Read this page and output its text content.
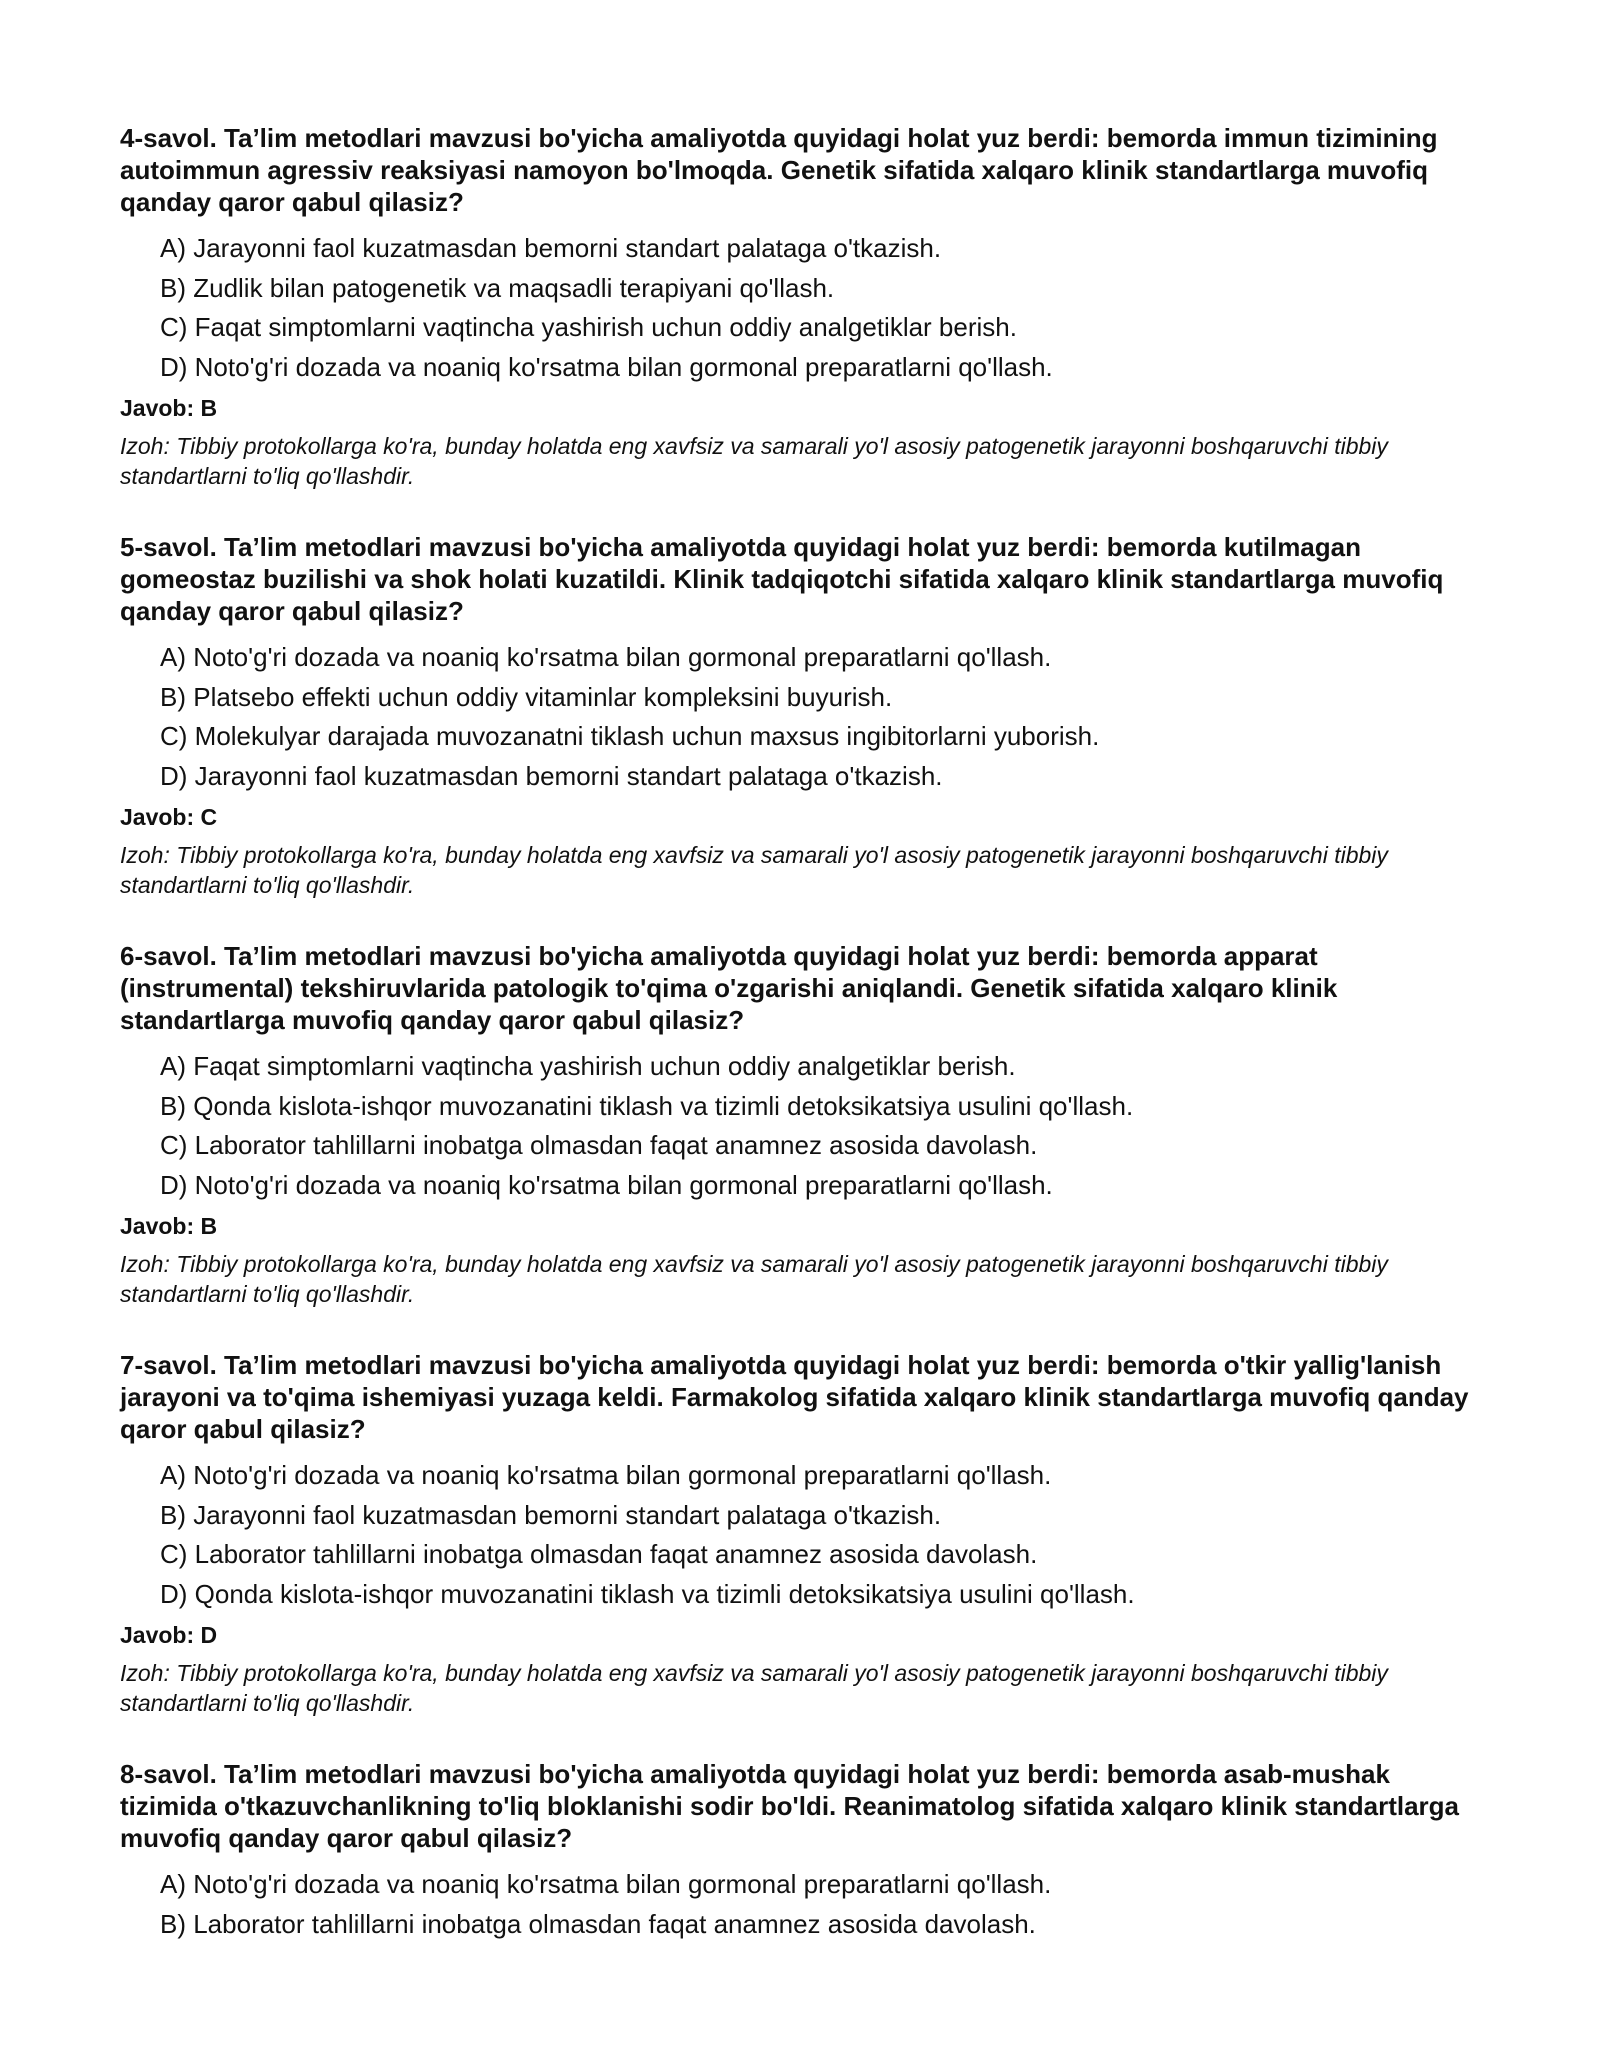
4-savol. Ta’lim metodlari mavzusi bo'yicha amaliyotda quyidagi holat yuz berdi: bemorda immun tizimining autoimmun agressiv reaksiyasi namoyon bo'lmoqda. Genetik sifatida xalqaro klinik standartlarga muvofiq qanday qaror qabul qilasiz?

A) Jarayonni faol kuzatmasdan bemorni standart palataga o'tkazish.
B) Zudlik bilan patogenetik va maqsadli terapiyani qo'llash.
C) Faqat simptomlarni vaqtincha yashirish uchun oddiy analgetiklar berish.
D) Noto'g'ri dozada va noaniq ko'rsatma bilan gormonal preparatlarni qo'llash.

Javob: B

Izoh: Tibbiy protokollarga ko'ra, bunday holatda eng xavfsiz va samarali yo'l asosiy patogenetik jarayonni boshqaruvchi tibbiy standartlarni to'liq qo'llashdir.

5-savol. Ta’lim metodlari mavzusi bo'yicha amaliyotda quyidagi holat yuz berdi: bemorda kutilmagan gomeostaz buzilishi va shok holati kuzatildi. Klinik tadqiqotchi sifatida xalqaro klinik standartlarga muvofiq qanday qaror qabul qilasiz?

A) Noto'g'ri dozada va noaniq ko'rsatma bilan gormonal preparatlarni qo'llash.
B) Platsebo effekti uchun oddiy vitaminlar kompleksini buyurish.
C) Molekulyar darajada muvozanatni tiklash uchun maxsus ingibitorlarni yuborish.
D) Jarayonni faol kuzatmasdan bemorni standart palataga o'tkazish.

Javob: C

Izoh: Tibbiy protokollarga ko'ra, bunday holatda eng xavfsiz va samarali yo'l asosiy patogenetik jarayonni boshqaruvchi tibbiy standartlarni to'liq qo'llashdir.

6-savol. Ta’lim metodlari mavzusi bo'yicha amaliyotda quyidagi holat yuz berdi: bemorda apparat (instrumental) tekshiruvlarida patologik to'qima o'zgarishi aniqlandi. Genetik sifatida xalqaro klinik standartlarga muvofiq qanday qaror qabul qilasiz?

A) Faqat simptomlarni vaqtincha yashirish uchun oddiy analgetiklar berish.
B) Qonda kislota-ishqor muvozanatini tiklash va tizimli detoksikatsiya usulini qo'llash.
C) Laborator tahlillarni inobatga olmasdan faqat anamnez asosida davolash.
D) Noto'g'ri dozada va noaniq ko'rsatma bilan gormonal preparatlarni qo'llash.

Javob: B

Izoh: Tibbiy protokollarga ko'ra, bunday holatda eng xavfsiz va samarali yo'l asosiy patogenetik jarayonni boshqaruvchi tibbiy standartlarni to'liq qo'llashdir.

7-savol. Ta’lim metodlari mavzusi bo'yicha amaliyotda quyidagi holat yuz berdi: bemorda o'tkir yallig'lanish jarayoni va to'qima ishemiyasi yuzaga keldi. Farmakolog sifatida xalqaro klinik standartlarga muvofiq qanday qaror qabul qilasiz?

A) Noto'g'ri dozada va noaniq ko'rsatma bilan gormonal preparatlarni qo'llash.
B) Jarayonni faol kuzatmasdan bemorni standart palataga o'tkazish.
C) Laborator tahlillarni inobatga olmasdan faqat anamnez asosida davolash.
D) Qonda kislota-ishqor muvozanatini tiklash va tizimli detoksikatsiya usulini qo'llash.

Javob: D

Izoh: Tibbiy protokollarga ko'ra, bunday holatda eng xavfsiz va samarali yo'l asosiy patogenetik jarayonni boshqaruvchi tibbiy standartlarni to'liq qo'llashdir.

8-savol. Ta’lim metodlari mavzusi bo'yicha amaliyotda quyidagi holat yuz berdi: bemorda asab-mushak tizimida o'tkazuvchanlikning to'liq bloklanishi sodir bo'ldi. Reanimatolog sifatida xalqaro klinik standartlarga muvofiq qanday qaror qabul qilasiz?

A) Noto'g'ri dozada va noaniq ko'rsatma bilan gormonal preparatlarni qo'llash.
B) Laborator tahlillarni inobatga olmasdan faqat anamnez asosida davolash.
